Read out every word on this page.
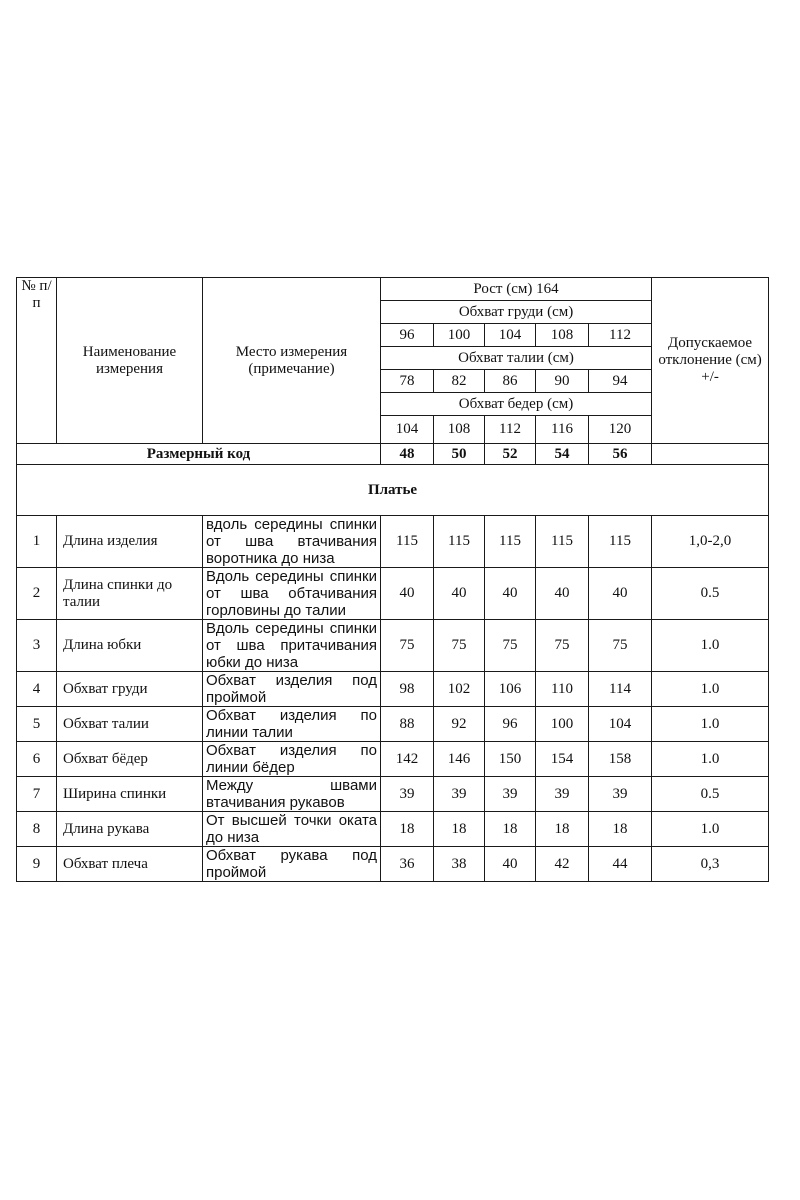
№ п/п	Наименование измерения	Место измерения (примечание)	Рост (см) 164					Допускаемое отклонение (см) +/-
			Обхват груди (см)					
			96	100	104	108	112	
			Обхват талии (см)					
			78	82	86	90	94	
			Обхват бедер (см)					
			104	108	112	116	120	
Размерный код			48	50	52	54	56	
Платье								
1	Длина изделия	вдоль середины спинки от шва втачивания воротника до низа	115	115	115	115	115	1,0-2,0
2	Длина спинки до талии	Вдоль середины спинки от шва обтачивания горловины до талии	40	40	40	40	40	0.5
3	Длина юбки	Вдоль середины спинки от шва притачивания юбки до низа	75	75	75	75	75	1.0
4	Обхват груди	Обхват изделия под проймой	98	102	106	110	114	1.0
5	Обхват талии	Обхват изделия по линии талии	88	92	96	100	104	1.0
6	Обхват бёдер	Обхват изделия по линии бёдер	142	146	150	154	158	1.0
7	Ширина спинки	Между швами втачивания рукавов	39	39	39	39	39	0.5
8	Длина рукава	От высшей точки оката до низа	18	18	18	18	18	1.0
9	Обхват плеча	Обхват рукава под проймой	36	38	40	42	44	0,3
